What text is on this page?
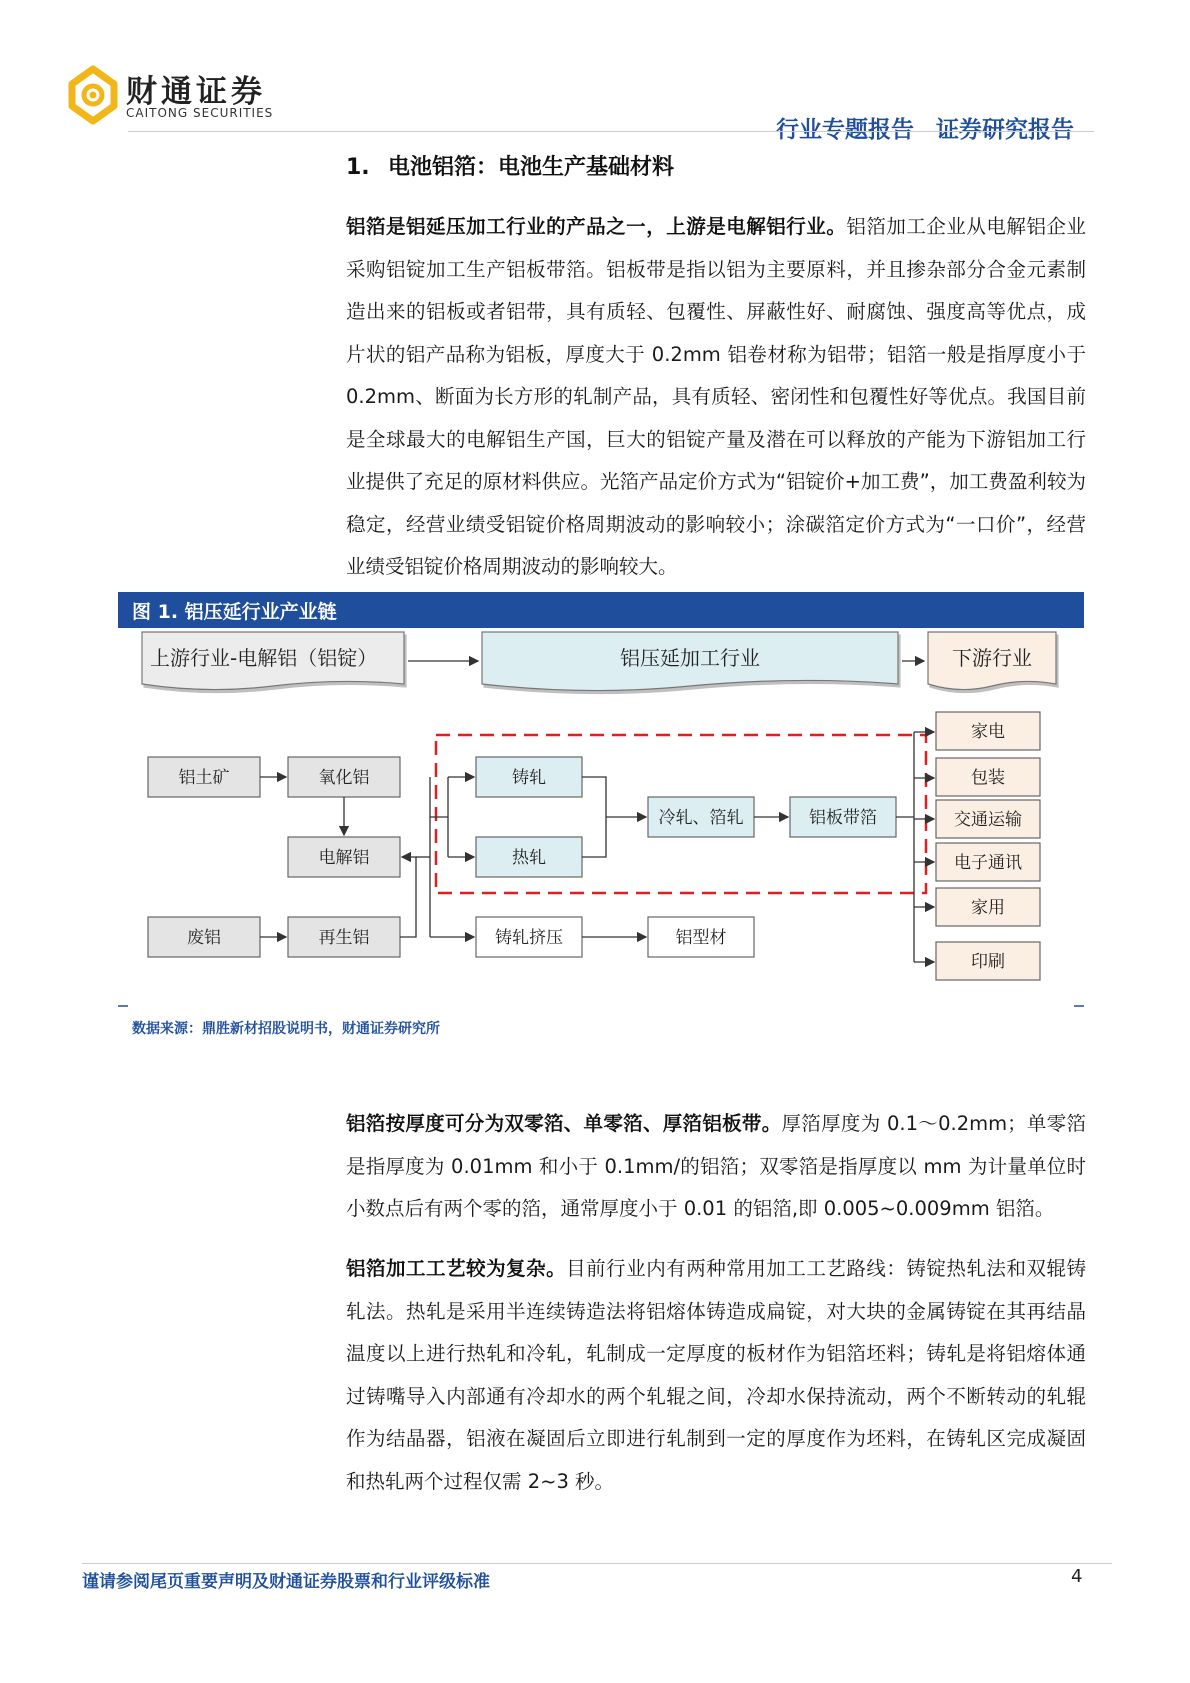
财通证券
CAITONG SECURITIES
行业专题报告 证券研究报告
1. 电池铝箔：电池生产基础材料

铝箔是铝延压加工行业的产品之一，上游是电解铝行业。铝箔加工企业从电解铝企业采购铝锭加工生产铝板带箔。铝板带是指以铝为主要原料，并且掺杂部分合金元素制造出来的铝板或者铝带，具有质轻、包覆性、屏蔽性好、耐腐蚀、强度高等优点，成片状的铝产品称为铝板，厚度大于 0.2mm 铝卷材称为铝带；铝箔一般是指厚度小于 0.2mm、断面为长方形的轧制产品，具有质轻、密闭性和包覆性好等优点。我国目前是全球最大的电解铝生产国，巨大的铝锭产量及潜在可以释放的产能为下游铝加工行业提供了充足的原材料供应。光箔产品定价方式为“铝锭价+加工费”，加工费盈利较为稳定，经营业绩受铝锭价格周期波动的影响较小；涂碳箔定价方式为“一口价”，经营业绩受铝锭价格周期波动的影响较大。

图 1. 铝压延行业产业链
上游行业-电解铝（铝锭）	铝压延加工行业	下游行业
铝土矿	氧化铝
电解铝
废铝	再生铝
铸轧
热轧
铸轧挤压	铝型材
冷轧、箔轧	铝板带箔
家电
包装
交通运输
电子通讯
家用
印刷
数据来源：鼎胜新材招股说明书，财通证券研究所

铝箔按厚度可分为双零箔、单零箔、厚箔铝板带。厚箔厚度为 0.1～0.2mm；单零箔是指厚度为 0.01mm 和小于 0.1mm/的铝箔；双零箔是指厚度以 mm 为计量单位时小数点后有两个零的箔，通常厚度小于 0.01 的铝箔,即 0.005~0.009mm 铝箔。

铝箔加工工艺较为复杂。目前行业内有两种常用加工工艺路线：铸锭热轧法和双辊铸轧法。热轧是采用半连续铸造法将铝熔体铸造成扁锭，对大块的金属铸锭在其再结晶温度以上进行热轧和冷轧，轧制成一定厚度的板材作为铝箔坯料；铸轧是将铝熔体通过铸嘴导入内部通有冷却水的两个轧辊之间，冷却水保持流动，两个不断转动的轧辊作为结晶器，铝液在凝固后立即进行轧制到一定的厚度作为坯料，在铸轧区完成凝固和热轧两个过程仅需 2~3 秒。

谨请参阅尾页重要声明及财通证券股票和行业评级标准	4
